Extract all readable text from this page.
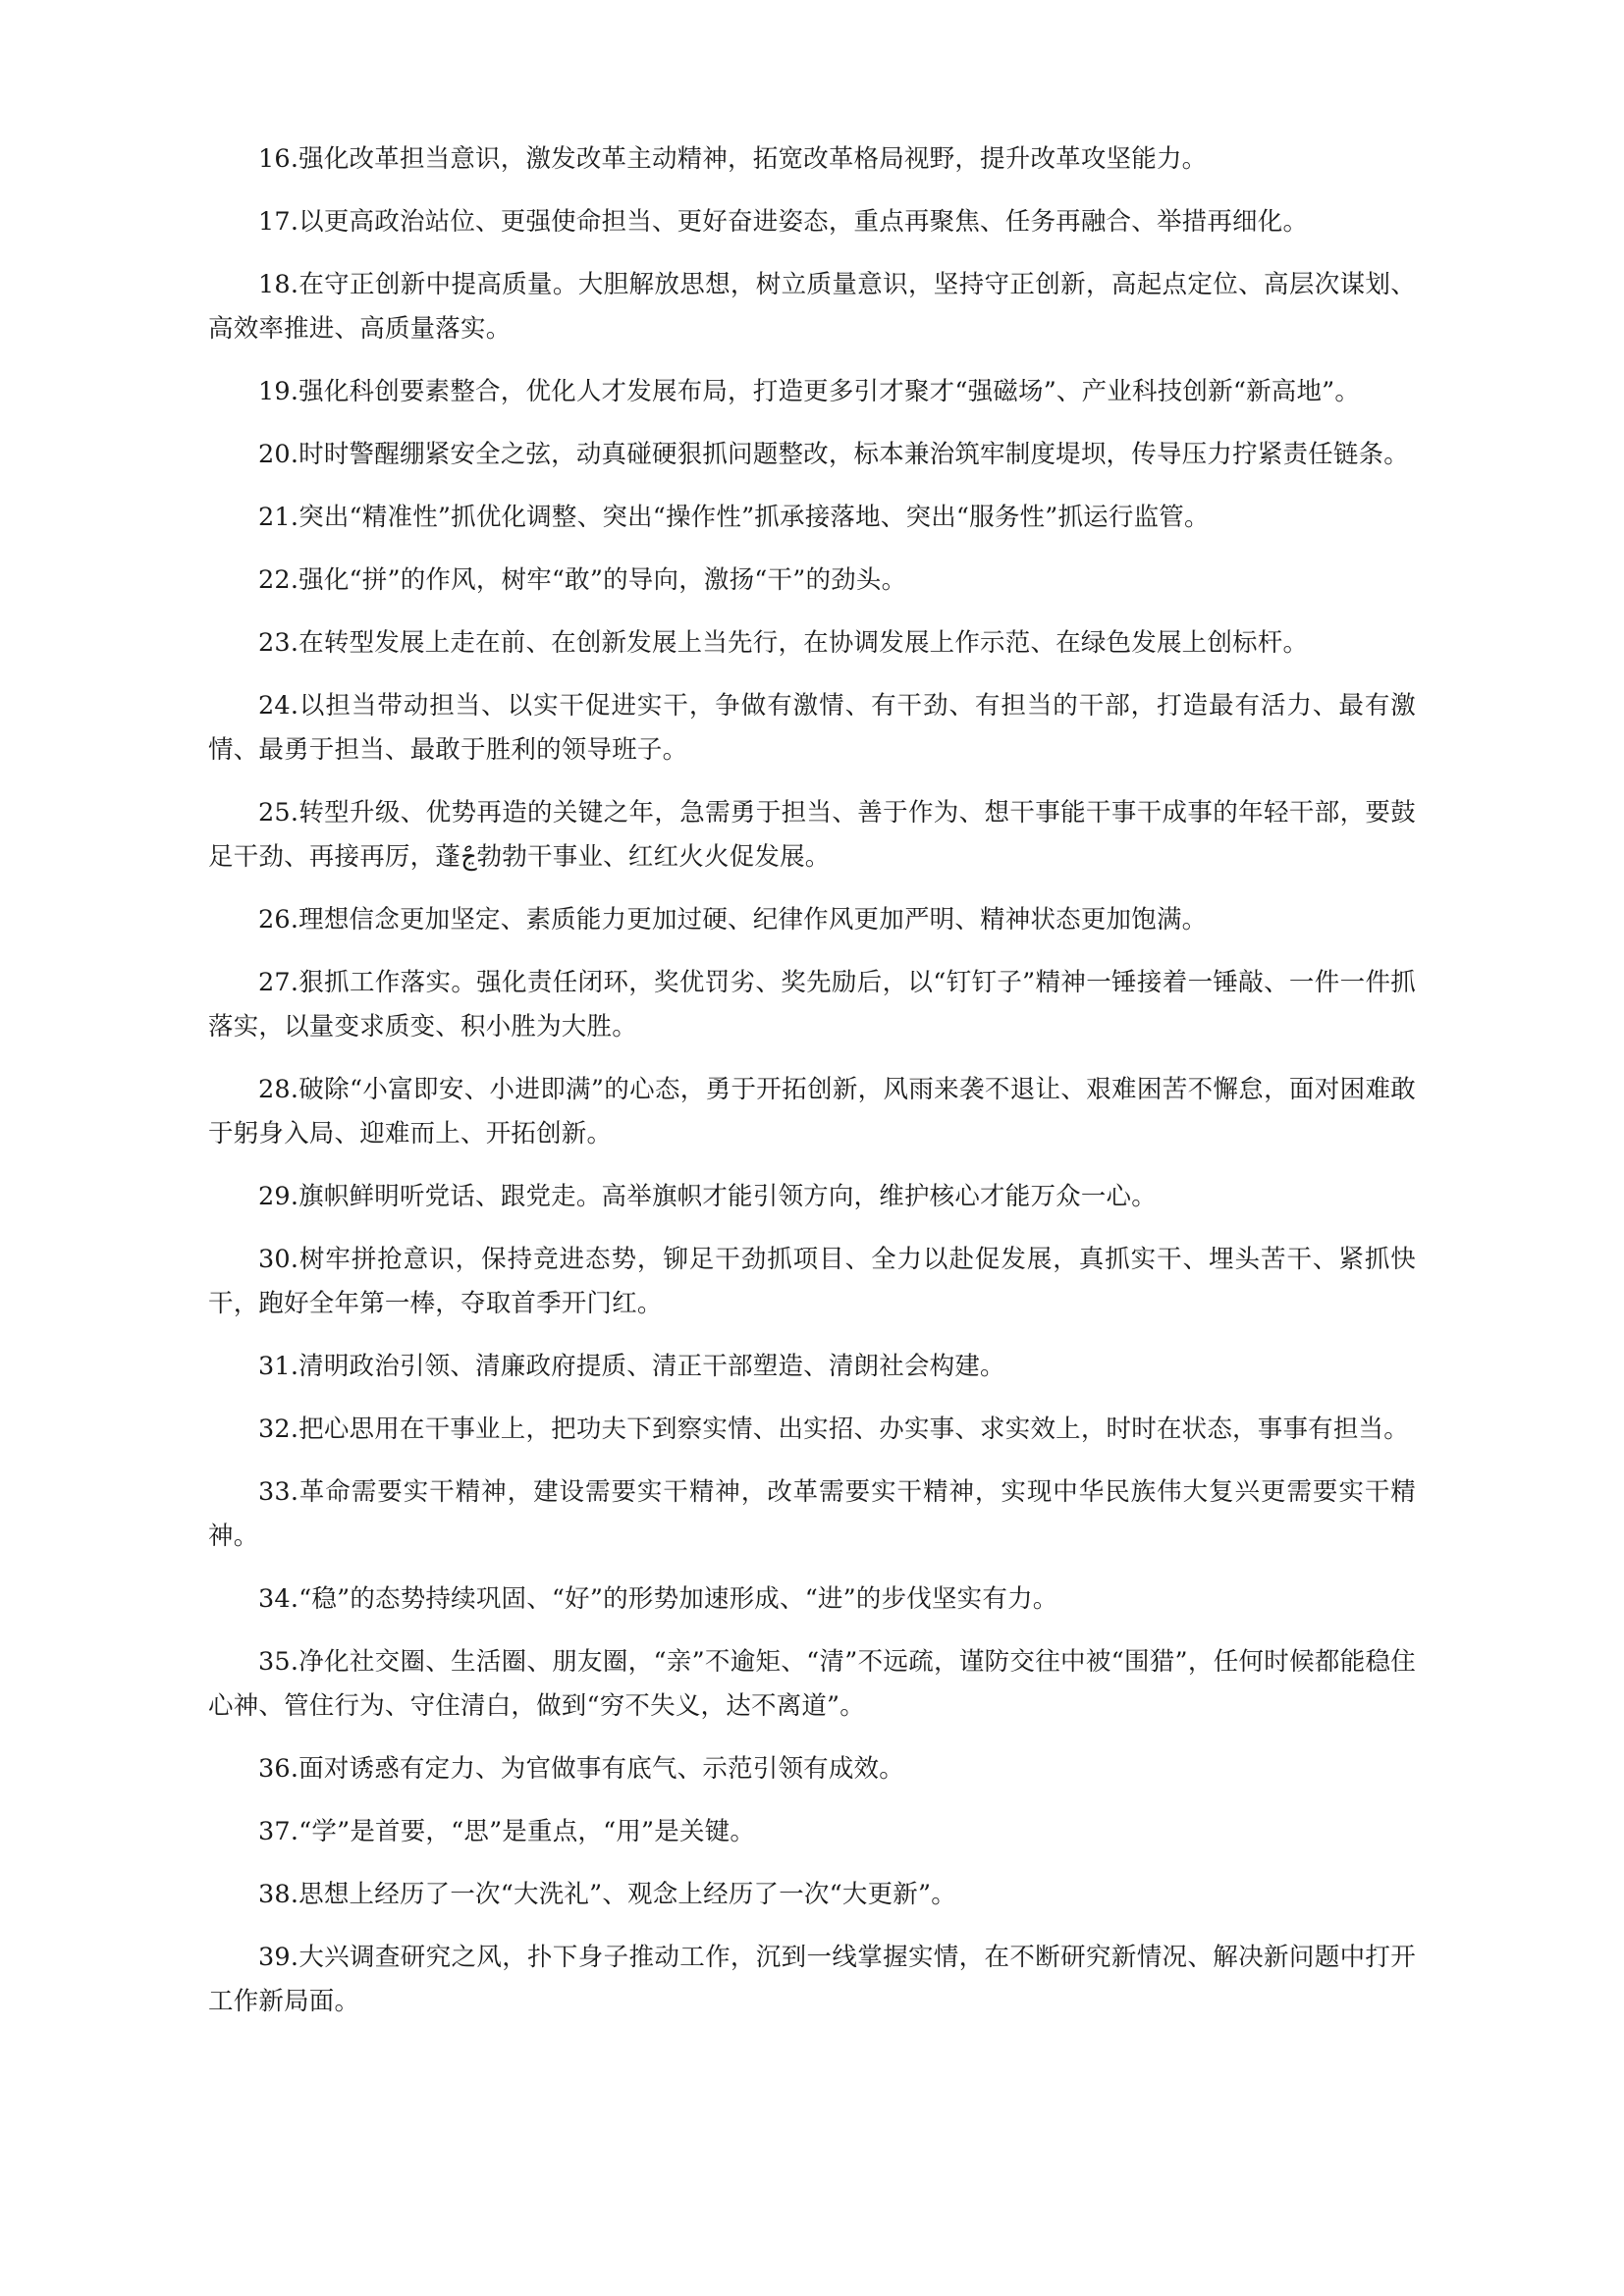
16.强化改革担当意识，激发改革主动精神，拓宽改革格局视野，提升改革攻坚能力。

17.以更高政治站位、更强使命担当、更好奋进姿态，重点再聚焦、任务再融合、举措再细化。

18.在守正创新中提高质量。大胆解放思想，树立质量意识，坚持守正创新，高起点定位、高层次谋划、高效率推进、高质量落实。

19.强化科创要素整合，优化人才发展布局，打造更多引才聚才“强磁场”、产业科技创新“新高地”。

20.时时警醒绷紧安全之弦，动真碰硬狠抓问题整改，标本兼治筑牢制度堤坝，传导压力拧紧责任链条。

21.突出“精准性”抓优化调整、突出“操作性”抓承接落地、突出“服务性”抓运行监管。

22.强化“拼”的作风，树牢“敢”的导向，激扬“干”的劲头。

23.在转型发展上走在前、在创新发展上当先行，在协调发展上作示范、在绿色发展上创标杆。

24.以担当带动担当、以实干促进实干，争做有激情、有干劲、有担当的干部，打造最有活力、最有激情、最勇于担当、最敢于胜利的领导班子。

25.转型升级、优势再造的关键之年，急需勇于担当、善于作为、想干事能干事干成事的年轻干部，要鼓足干劲、再接再厉，蓬ްڃ勃勃干事业、红红火火促发展。

26.理想信念更加坚定、素质能力更加过硬、纪律作风更加严明、精神状态更加饱满。

27.狠抓工作落实。强化责任闭环，奖优罚劣、奖先励后，以“钉钉子”精神一锤接着一锤敲、一件一件抓落实，以量变求质变、积小胜为大胜。

28.破除“小富即安、小进即满”的心态，勇于开拓创新，风雨来袭不退让、艰难困苦不懈怠，面对困难敢于躬身入局、迎难而上、开拓创新。

29.旗帜鲜明听党话、跟党走。高举旗帜才能引领方向，维护核心才能万众一心。

30.树牢拼抢意识，保持竞进态势，铆足干劲抓项目、全力以赴促发展，真抓实干、埋头苦干、紧抓快干，跑好全年第一棒，夺取首季开门红。

31.清明政治引领、清廉政府提质、清正干部塑造、清朗社会构建。

32.把心思用在干事业上，把功夫下到察实情、出实招、办实事、求实效上，时时在状态，事事有担当。

33.革命需要实干精神，建设需要实干精神，改革需要实干精神，实现中华民族伟大复兴更需要实干精神。

34.“稳”的态势持续巩固、“好”的形势加速形成、“进”的步伐坚实有力。

35.净化社交圈、生活圈、朋友圈，“亲”不逾矩、“清”不远疏，谨防交往中被“围猎”，任何时候都能稳住心神、管住行为、守住清白，做到“穷不失义，达不离道”。

36.面对诱惑有定力、为官做事有底气、示范引领有成效。

37.“学”是首要，“思”是重点，“用”是关键。

38.思想上经历了一次“大洗礼”、观念上经历了一次“大更新”。

39.大兴调查研究之风，扑下身子推动工作，沉到一线掌握实情，在不断研究新情况、解决新问题中打开工作新局面。
